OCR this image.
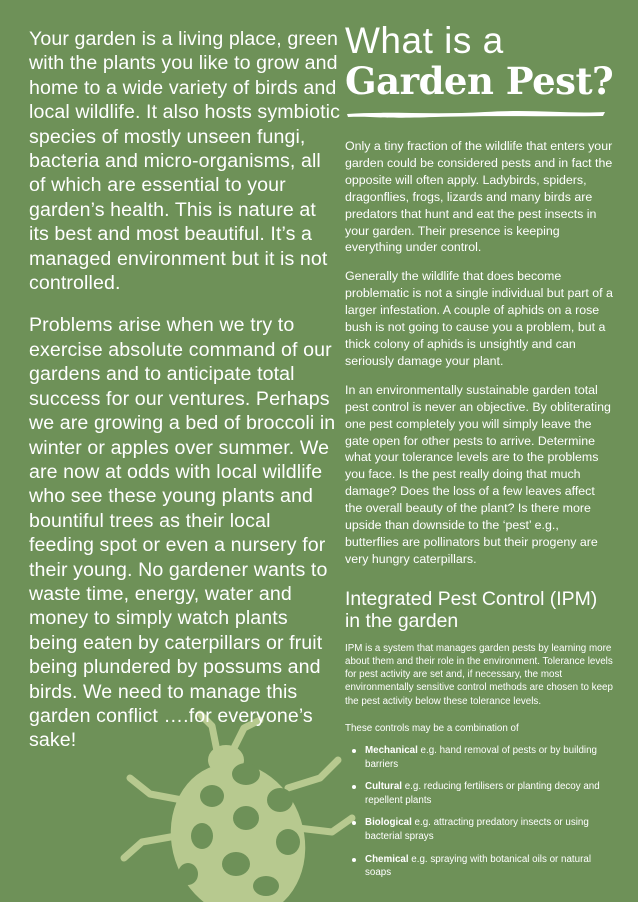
Your garden is a living place, green with the plants you like to grow and home to a wide variety of birds and local wildlife. It also hosts symbiotic species of mostly unseen fungi, bacteria and micro-organisms, all of which are essential to your garden’s health. This is nature at its best and most beautiful. It’s a managed environment but it is not controlled.

Problems arise when we try to exercise absolute command of our gardens and to anticipate total success for our ventures. Perhaps we are growing a bed of broccoli in winter or apples over summer. We are now at odds with local wildlife who see these young plants and bountiful trees as their local feeding spot or even a nursery for their young. No gardener wants to waste time, energy, water and money to simply watch plants being eaten by caterpillars or fruit being plundered by possums and birds. We need to manage this garden conflict ….for everyone’s sake!

What is a
Garden Pest?

Only a tiny fraction of the wildlife that enters your garden could be considered pests and in fact the opposite will often apply. Ladybirds, spiders, dragonflies, frogs, lizards and many birds are predators that hunt and eat the pest insects in your garden. Their presence is keeping everything under control.

Generally the wildlife that does become problematic is not a single individual but part of a larger infestation. A couple of aphids on a rose bush is not going to cause you a problem, but a thick colony of aphids is unsightly and can seriously damage your plant.

In an environmentally sustainable garden total pest control is never an objective. By obliterating one pest completely you will simply leave the gate open for other pests to arrive. Determine what your tolerance levels are to the problems you face. Is the pest really doing that much damage? Does the loss of a few leaves affect the overall beauty of the plant? Is there more upside than downside to the ‘pest’ e.g., butterflies are pollinators but their progeny are very hungry caterpillars.

Integrated Pest Control (IPM) in the garden

IPM is a system that manages garden pests by learning more about them and their role in the environment. Tolerance levels for pest activity are set and, if necessary, the most environmentally sensitive control methods are chosen to keep the pest activity below these tolerance levels.

These controls may be a combination of

Mechanical e.g. hand removal of pests or by building barriers
Cultural e.g. reducing fertilisers or planting decoy and repellent plants
Biological e.g. attracting predatory insects or using bacterial sprays
Chemical e.g. spraying with botanical oils or natural soaps
